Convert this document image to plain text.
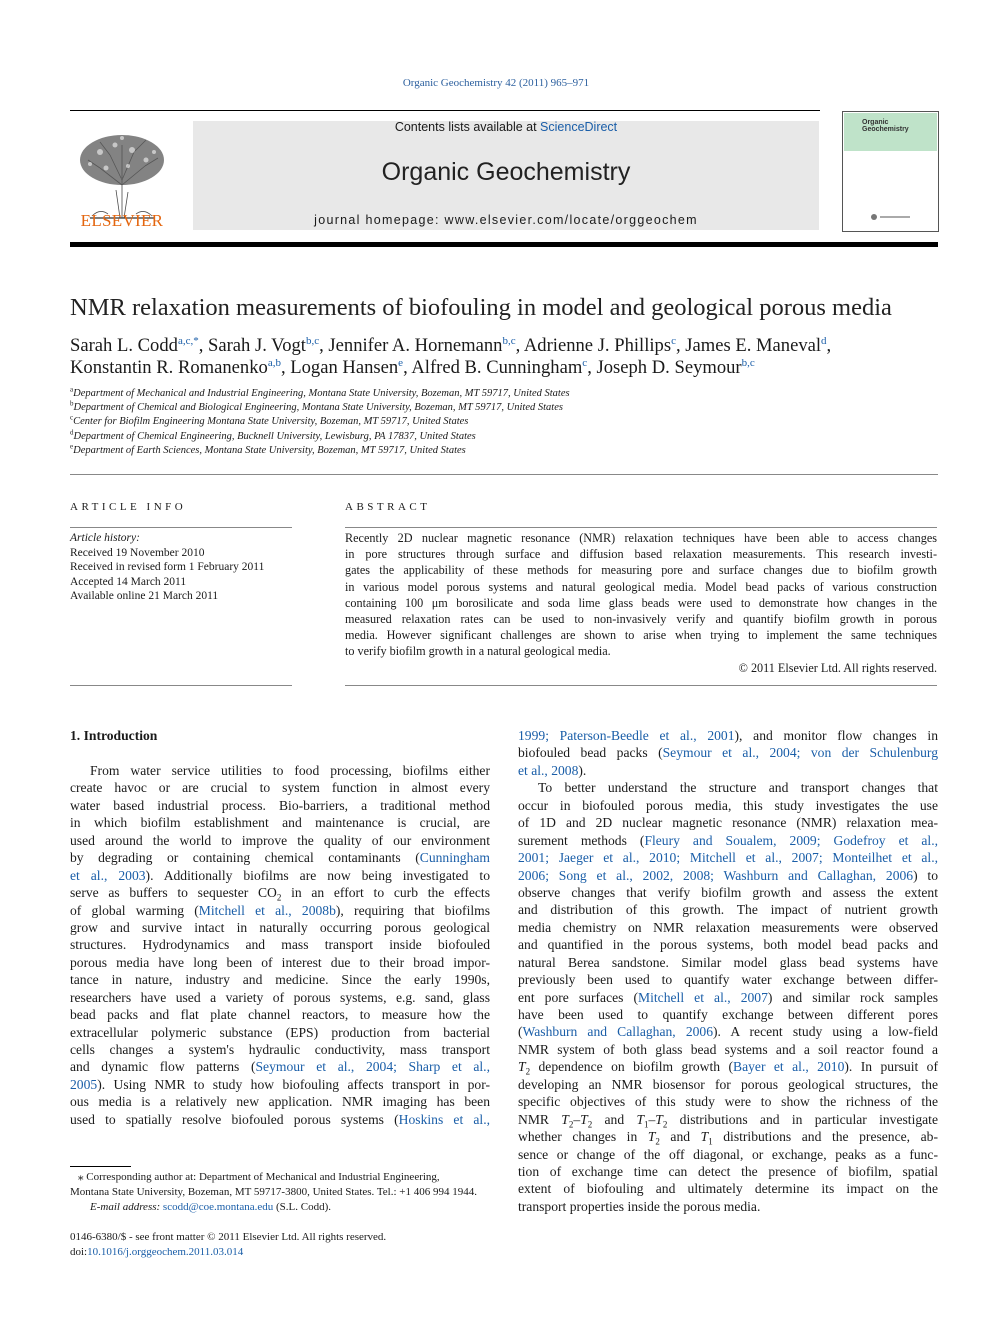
Organic Geochemistry 42 (2011) 965–971
Contents lists available at ScienceDirect
Organic Geochemistry
journal homepage: www.elsevier.com/locate/orggeochem
ELSEVIER
Organic
Geochemistry
NMR relaxation measurements of biofouling in model and geological porous media
Sarah L. Codd$^{a,c,*}$, Sarah J. Vogt$^{b,c}$, Jennifer A. Hornemann$^{b,c}$, Adrienne J. Phillips$^c$, James E. Maneval$^d$,
Konstantin R. Romanenko$^{a,b}$, Logan Hansen$^e$, Alfred B. Cunningham$^c$, Joseph D. Seymour$^{b,c}$
$^a$Department of Mechanical and Industrial Engineering, Montana State University, Bozeman, MT 59717, United States
$^b$Department of Chemical and Biological Engineering, Montana State University, Bozeman, MT 59717, United States
$^c$Center for Biofilm Engineering Montana State University, Bozeman, MT 59717, United States
$^d$Department of Chemical Engineering, Bucknell University, Lewisburg, PA 17837, United States
$^e$Department of Earth Sciences, Montana State University, Bozeman, MT 59717, United States
ARTICLE INFO
Article history:
Received 19 November 2010
Received in revised form 1 February 2011
Accepted 14 March 2011
Available online 21 March 2011
ABSTRACT
Recently 2D nuclear magnetic resonance (NMR) relaxation techniques have been able to access changes
in pore structures through surface and diffusion based relaxation measurements. This research investi-
gates the applicability of these methods for measuring pore and surface changes due to biofilm growth
in various model porous systems and natural geological media. Model bead packs of various construction
containing 100 μm borosilicate and soda lime glass beads were used to demonstrate how changes in the
measured relaxation rates can be used to non-invasively verify and quantify biofilm growth in porous
media. However significant challenges are shown to arise when trying to implement the same techniques
to verify biofilm growth in a natural geological media.
© 2011 Elsevier Ltd. All rights reserved.
1. Introduction
From water service utilities to food processing, biofilms either
create havoc or are crucial to system function in almost every
water based industrial process. Bio-barriers, a traditional method
in which biofilm establishment and maintenance is crucial, are
used around the world to improve the quality of our environment
by degrading or containing chemical contaminants (Cunningham
et al., 2003). Additionally biofilms are now being investigated to
serve as buffers to sequester $CO_2$ in an effort to curb the effects
of global warming (Mitchell et al., 2008b), requiring that biofilms
grow and survive intact in naturally occurring porous geological
structures. Hydrodynamics and mass transport inside biofouled
porous media have long been of interest due to their broad impor-
tance in nature, industry and medicine. Since the early 1990s,
researchers have used a variety of porous systems, e.g. sand, glass
bead packs and flat plate channel reactors, to measure how the
extracellular polymeric substance (EPS) production from bacterial
cells changes a system's hydraulic conductivity, mass transport
and dynamic flow patterns (Seymour et al., 2004; Sharp et al.,
2005). Using NMR to study how biofouling affects transport in por-
ous media is a relatively new application. NMR imaging has been
used to spatially resolve biofouled porous systems (Hoskins et al.,
1999; Paterson-Beedle et al., 2001), and monitor flow changes in
biofouled bead packs (Seymour et al., 2004; von der Schulenburg
et al., 2008).
To better understand the structure and transport changes that
occur in biofouled porous media, this study investigates the use
of 1D and 2D nuclear magnetic resonance (NMR) relaxation mea-
surement methods (Fleury and Soualem, 2009; Godefroy et al.,
2001; Jaeger et al., 2010; Mitchell et al., 2007; Monteilhet et al.,
2006; Song et al., 2002, 2008; Washburn and Callaghan, 2006) to
observe changes that verify biofilm growth and assess the extent
and distribution of this growth. The impact of nutrient growth
media chemistry on NMR relaxation measurements were observed
and quantified in the porous systems, both model bead packs and
natural Berea sandstone. Similar model glass bead systems have
previously been used to quantify water exchange between differ-
ent pore surfaces (Mitchell et al., 2007) and similar rock samples
have been used to quantify exchange between different pores
(Washburn and Callaghan, 2006). A recent study using a low-field
NMR system of both glass bead systems and a soil reactor found a
$T_2$ dependence on biofilm growth (Bayer et al., 2010). In pursuit of
developing an NMR biosensor for porous geological structures, the
specific objectives of this study were to show the richness of the
NMR $T_2-T_2$ and $T_1-T_2$ distributions and in particular investigate
whether changes in $T_2$ and $T_1$ distributions and the presence, ab-
sence or change of the off diagonal, or exchange, peaks as a func-
tion of exchange time can detect the presence of biofilm, spatial
extent of biofouling and ultimately determine its impact on the
transport properties inside the porous media.
⁎ Corresponding author at: Department of Mechanical and Industrial Engineering,
Montana State University, Bozeman, MT 59717-3800, United States. Tel.: +1 406 994 1944.
E-mail address: scodd@coe.montana.edu (S.L. Codd).
0146-6380/$ - see front matter © 2011 Elsevier Ltd. All rights reserved.
doi:10.1016/j.orggeochem.2011.03.014
